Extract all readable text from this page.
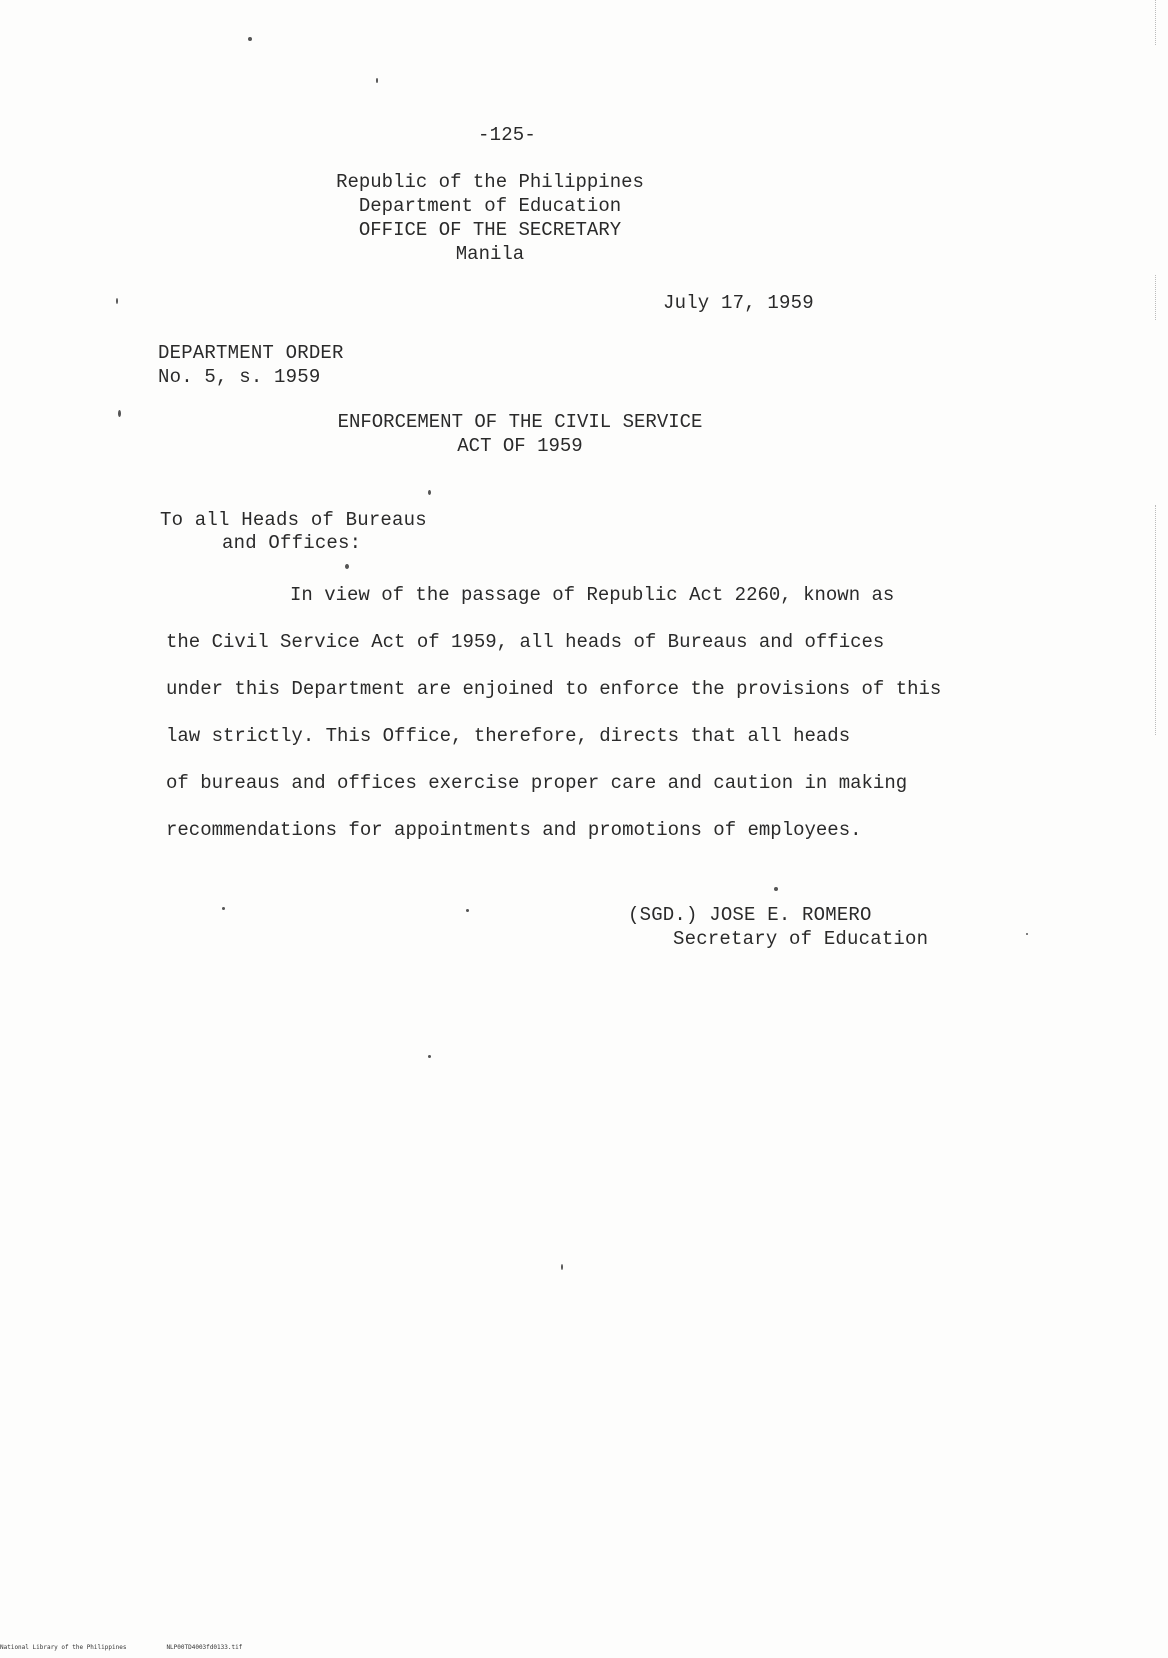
-125-
Republic of the Philippines
Department of Education
OFFICE OF THE SECRETARY
Manila
July 17, 1959
DEPARTMENT ORDER
No. 5, s. 1959
ENFORCEMENT OF THE CIVIL SERVICE
ACT OF 1959
To all Heads of Bureaus
and Offices:
In view of the passage of Republic Act 2260, known as
the Civil Service Act of 1959, all heads of Bureaus and offices
under this Department are enjoined to enforce the provisions of this
law strictly. This Office, therefore, directs that all heads
of bureaus and offices exercise proper care and caution in making
recommendations for appointments and promotions of employees.
(SGD.) JOSE E. ROMERO
Secretary of Education
National Library of the Philippines	NLP00TD4003fd0133.tif
